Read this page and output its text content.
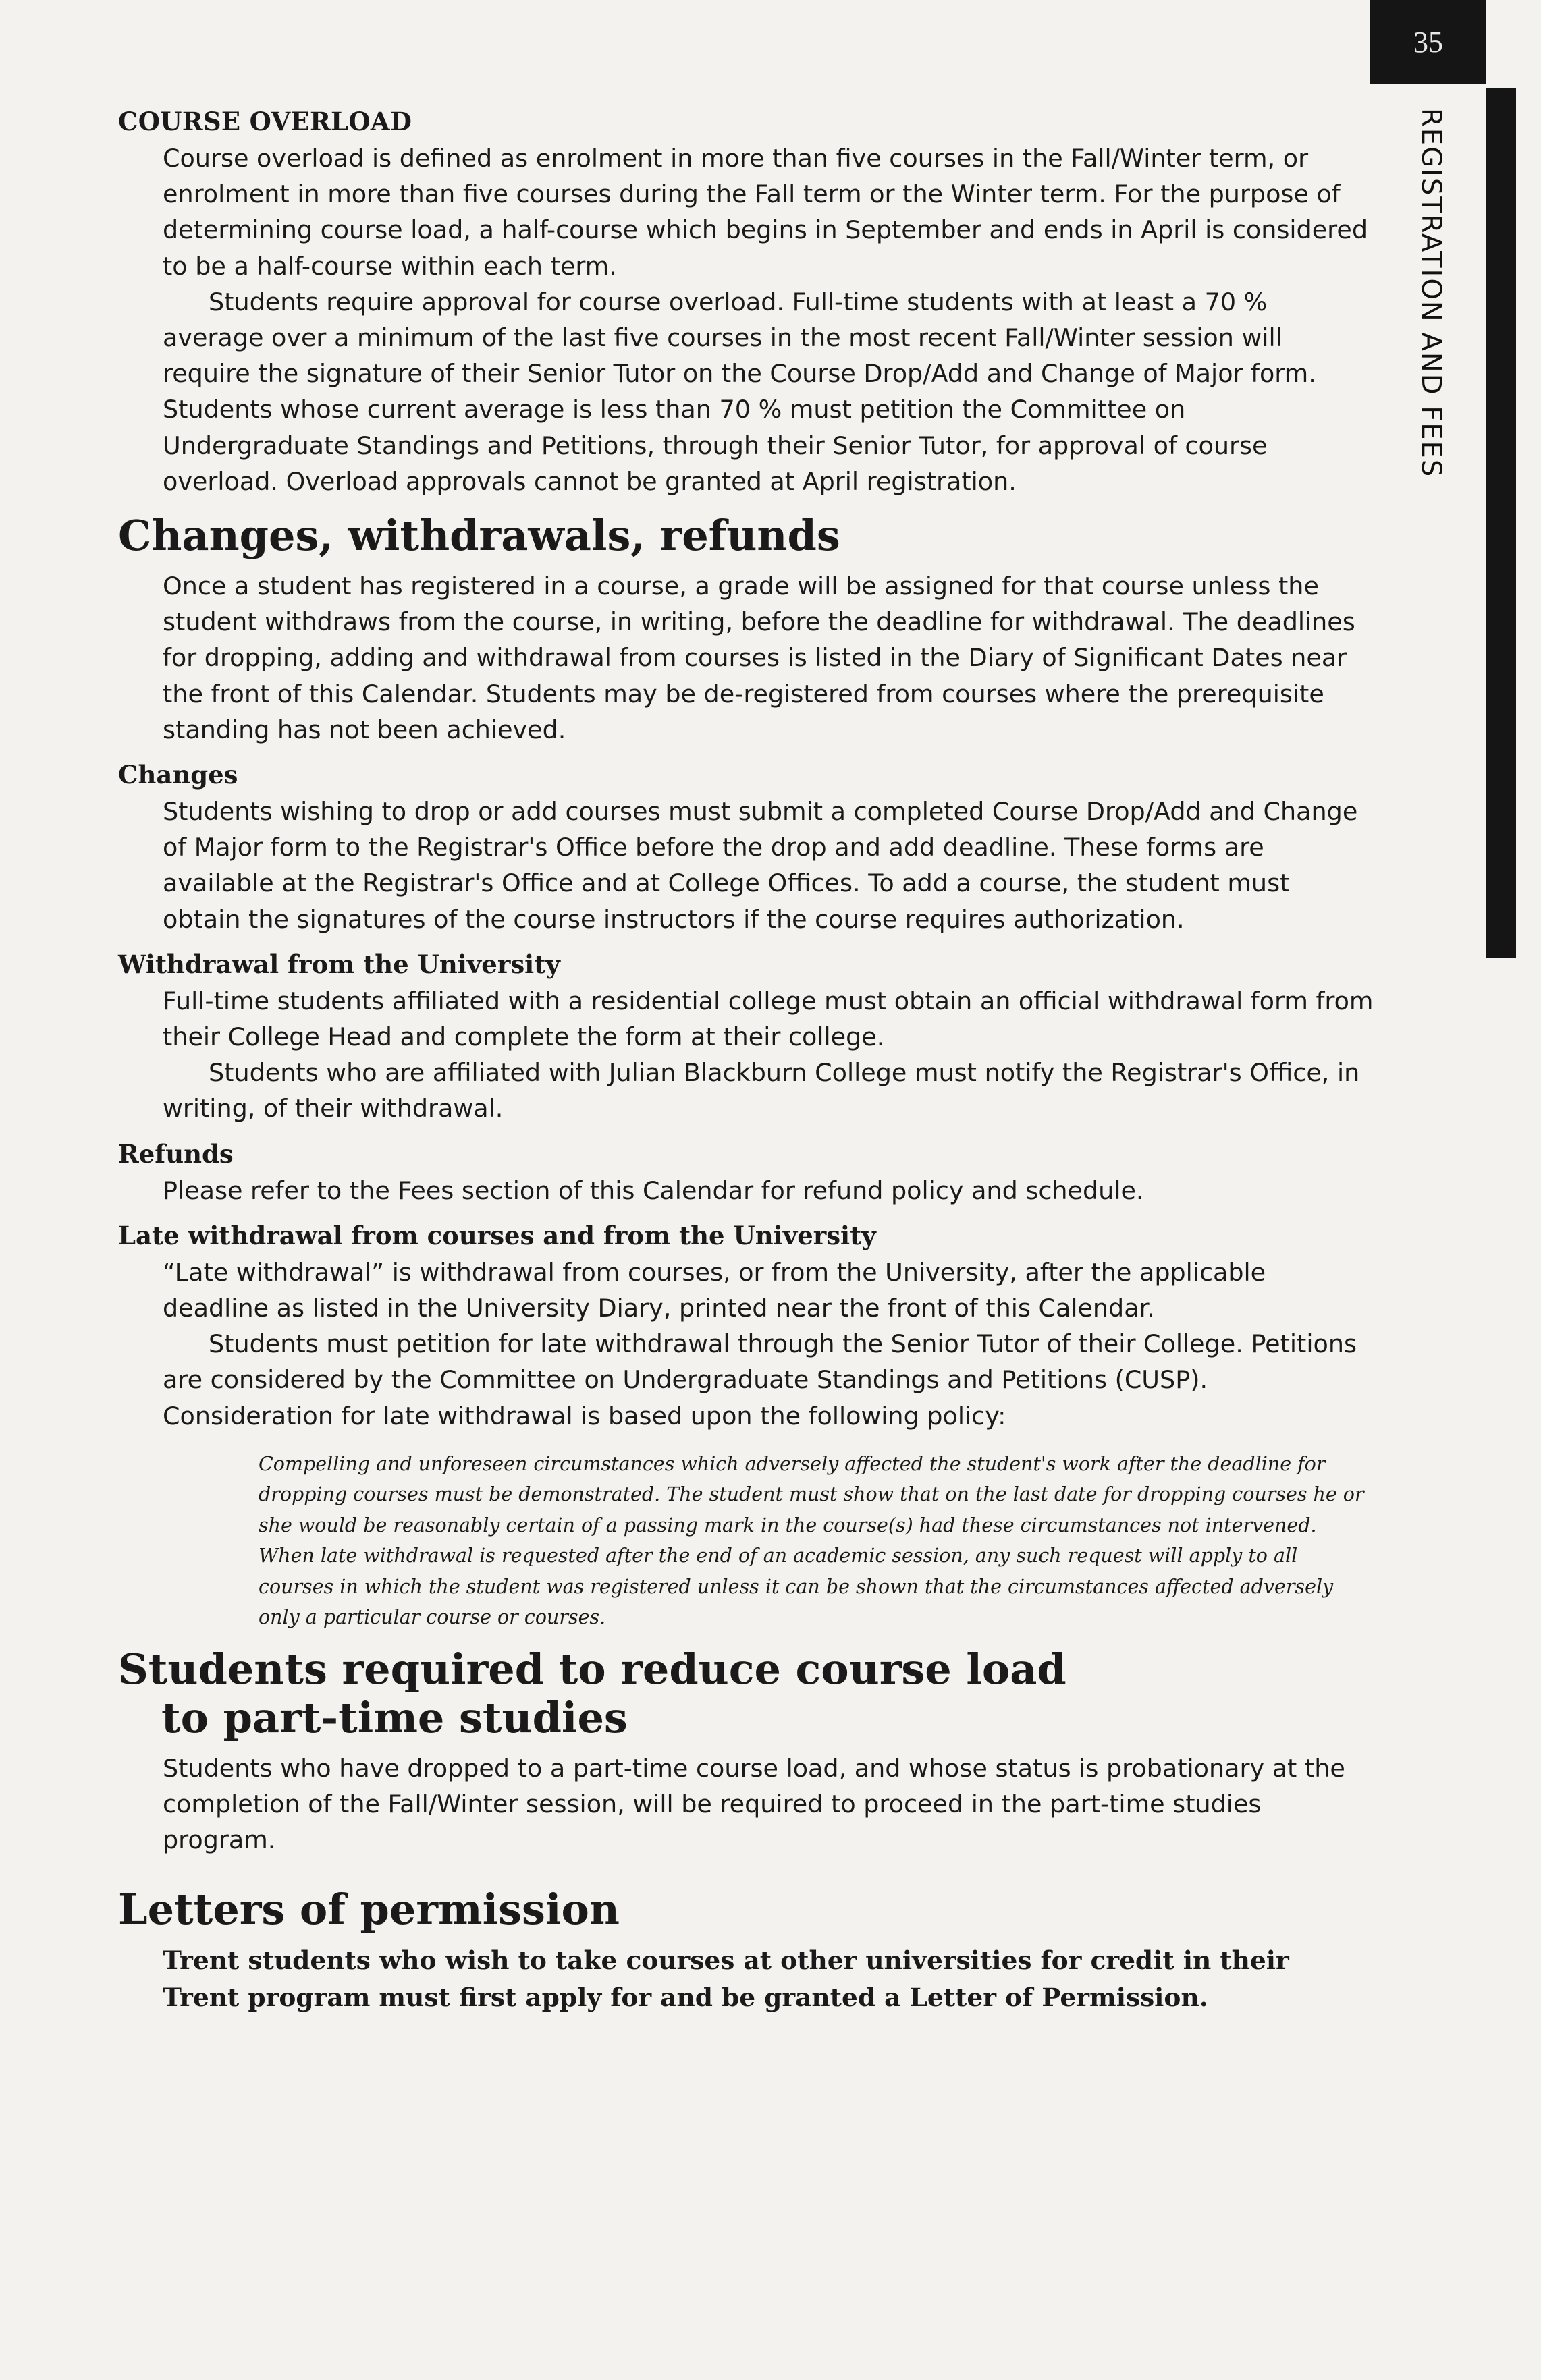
35
REGISTRATION AND FEES

COURSE OVERLOAD

Course overload is defined as enrolment in more than five courses in the Fall/Winter term, or enrolment in more than five courses during the Fall term or the Winter term. For the purpose of determining course load, a half-course which begins in September and ends in April is considered to be a half-course within each term.

Students require approval for course overload. Full-time students with at least a 70 % average over a minimum of the last five courses in the most recent Fall/Winter session will require the signature of their Senior Tutor on the Course Drop/Add and Change of Major form. Students whose current average is less than 70 % must petition the Committee on Undergraduate Standings and Petitions, through their Senior Tutor, for approval of course overload. Overload approvals cannot be granted at April registration.

Changes, withdrawals, refunds

Once a student has registered in a course, a grade will be assigned for that course unless the student withdraws from the course, in writing, before the deadline for withdrawal. The deadlines for dropping, adding and withdrawal from courses is listed in the Diary of Significant Dates near the front of this Calendar. Students may be de-registered from courses where the prerequisite standing has not been achieved.

Changes

Students wishing to drop or add courses must submit a completed Course Drop/Add and Change of Major form to the Registrar's Office before the drop and add deadline. These forms are available at the Registrar's Office and at College Offices. To add a course, the student must obtain the signatures of the course instructors if the course requires authorization.

Withdrawal from the University

Full-time students affiliated with a residential college must obtain an official withdrawal form from their College Head and complete the form at their college.

Students who are affiliated with Julian Blackburn College must notify the Registrar's Office, in writing, of their withdrawal.

Refunds

Please refer to the Fees section of this Calendar for refund policy and schedule.

Late withdrawal from courses and from the University

“Late withdrawal” is withdrawal from courses, or from the University, after the applicable deadline as listed in the University Diary, printed near the front of this Calendar.

Students must petition for late withdrawal through the Senior Tutor of their College. Petitions are considered by the Committee on Undergraduate Standings and Petitions (CUSP). Consideration for late withdrawal is based upon the following policy:

Compelling and unforeseen circumstances which adversely affected the student's work after the deadline for dropping courses must be demonstrated. The student must show that on the last date for dropping courses he or she would be reasonably certain of a passing mark in the course(s) had these circumstances not intervened. When late withdrawal is requested after the end of an academic session, any such request will apply to all courses in which the student was registered unless it can be shown that the circumstances affected adversely only a particular course or courses.

Students required to reduce course load
to part-time studies

Students who have dropped to a part-time course load, and whose status is probationary at the completion of the Fall/Winter session, will be required to proceed in the part-time studies program.

Letters of permission

Trent students who wish to take courses at other universities for credit in their Trent program must first apply for and be granted a Letter of Permission.
